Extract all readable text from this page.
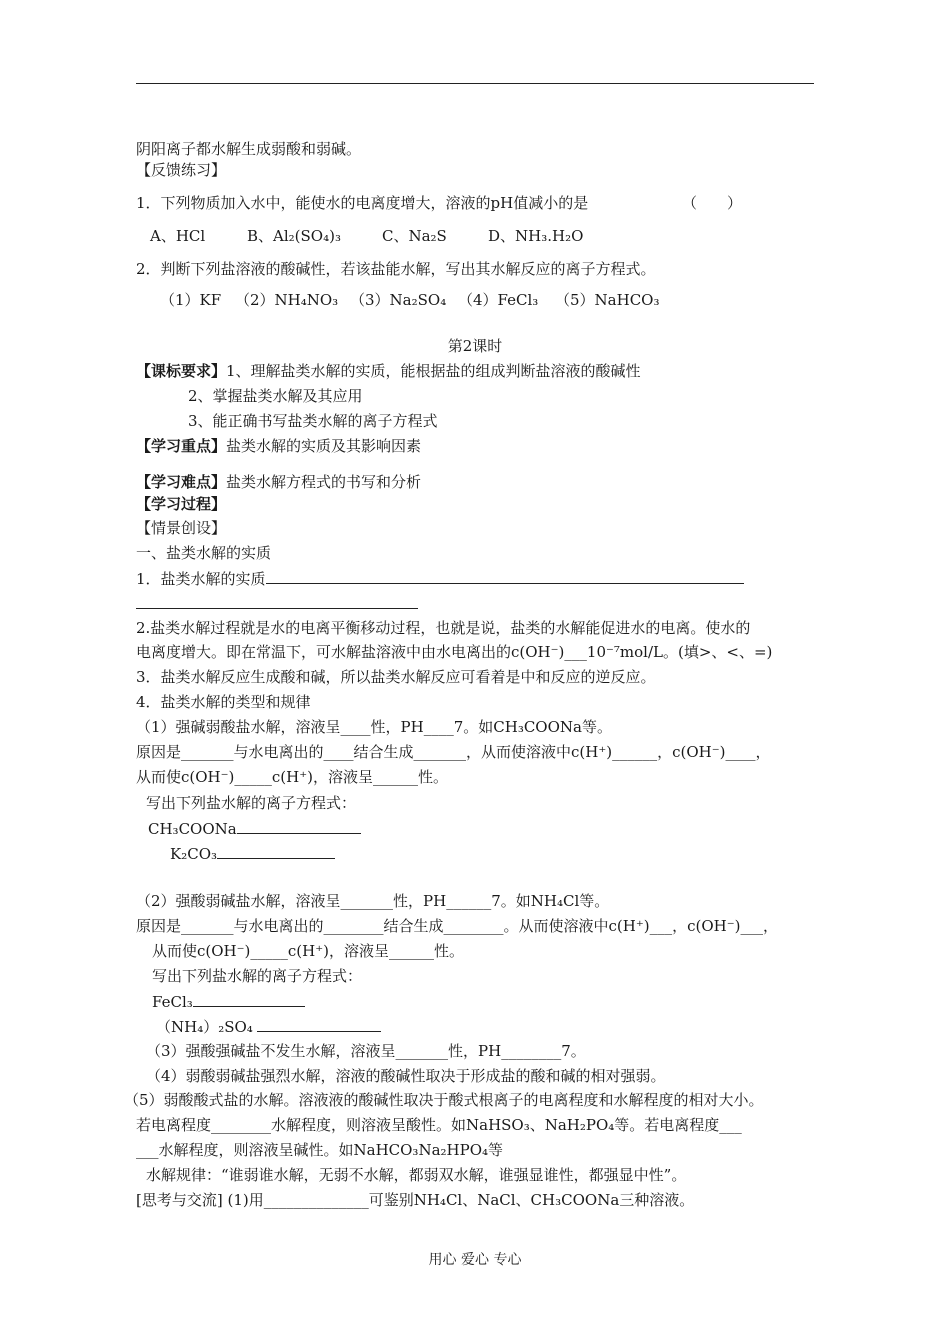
阴阳离子都水解生成弱酸和弱碱。
【反馈练习】
1．下列物质加入水中，能使水的电离度增大，溶液的pH值减小的是	（　　）
A、HCl	B、Al₂(SO₄)₃	C、Na₂S	D、NH₃.H₂O
2．判断下列盐溶液的酸碱性，若该盐能水解，写出其水解反应的离子方程式。
（1）KF （2）NH₄NO₃ （3）Na₂SO₄ （4）FeCl₃ （5）NaHCO₃
第2课时
【课标要求】1、理解盐类水解的实质，能根据盐的组成判断盐溶液的酸碱性
2、掌握盐类水解及其应用
3、能正确书写盐类水解的离子方程式
【学习重点】盐类水解的实质及其影响因素
【学习难点】盐类水解方程式的书写和分析
【学习过程】
【情景创设】
一、盐类水解的实质
1．盐类水解的实质
2.盐类水解过程就是水的电离平衡移动过程，也就是说，盐类的水解能促进水的电离。使水的
电离度增大。即在常温下，可水解盐溶液中由水电离出的c(OH⁻)___10⁻⁷mol/L。(填>、<、=)
3．盐类水解反应生成酸和碱，所以盐类水解反应可看着是中和反应的逆反应。
4．盐类水解的类型和规律
（1）强碱弱酸盐水解，溶液呈____性，PH____7。如CH₃COONa等。
原因是_______与水电离出的____结合生成_______，从而使溶液中c(H⁺)______，c(OH⁻)____，
从而使c(OH⁻)_____c(H⁺)，溶液呈______性。
写出下列盐水解的离子方程式：
CH₃COONa
K₂CO₃
（2）强酸弱碱盐水解，溶液呈_______性，PH______7。如NH₄Cl等。
原因是_______与水电离出的________结合生成________。从而使溶液中c(H⁺)___，c(OH⁻)___，
从而使c(OH⁻)_____c(H⁺)，溶液呈______性。
写出下列盐水解的离子方程式：
FeCl₃
（NH₄）₂SO₄
（3）强酸强碱盐不发生水解，溶液呈_______性，PH________7。
（4）弱酸弱碱盐强烈水解，溶液的酸碱性取决于形成盐的酸和碱的相对强弱。
（5）弱酸酸式盐的水解。溶液液的酸碱性取决于酸式根离子的电离程度和水解程度的相对大小。
若电离程度________水解程度，则溶液呈酸性。如NaHSO₃、NaH₂PO₄等。若电离程度___
___水解程度，则溶液呈碱性。如NaHCO₃Na₂HPO₄等
水解规律：“谁弱谁水解，无弱不水解，都弱双水解，谁强显谁性，都强显中性”。
[思考与交流] (1)用______________可鉴别NH₄Cl、NaCl、CH₃COONa三种溶液。
用心 爱心 专心
